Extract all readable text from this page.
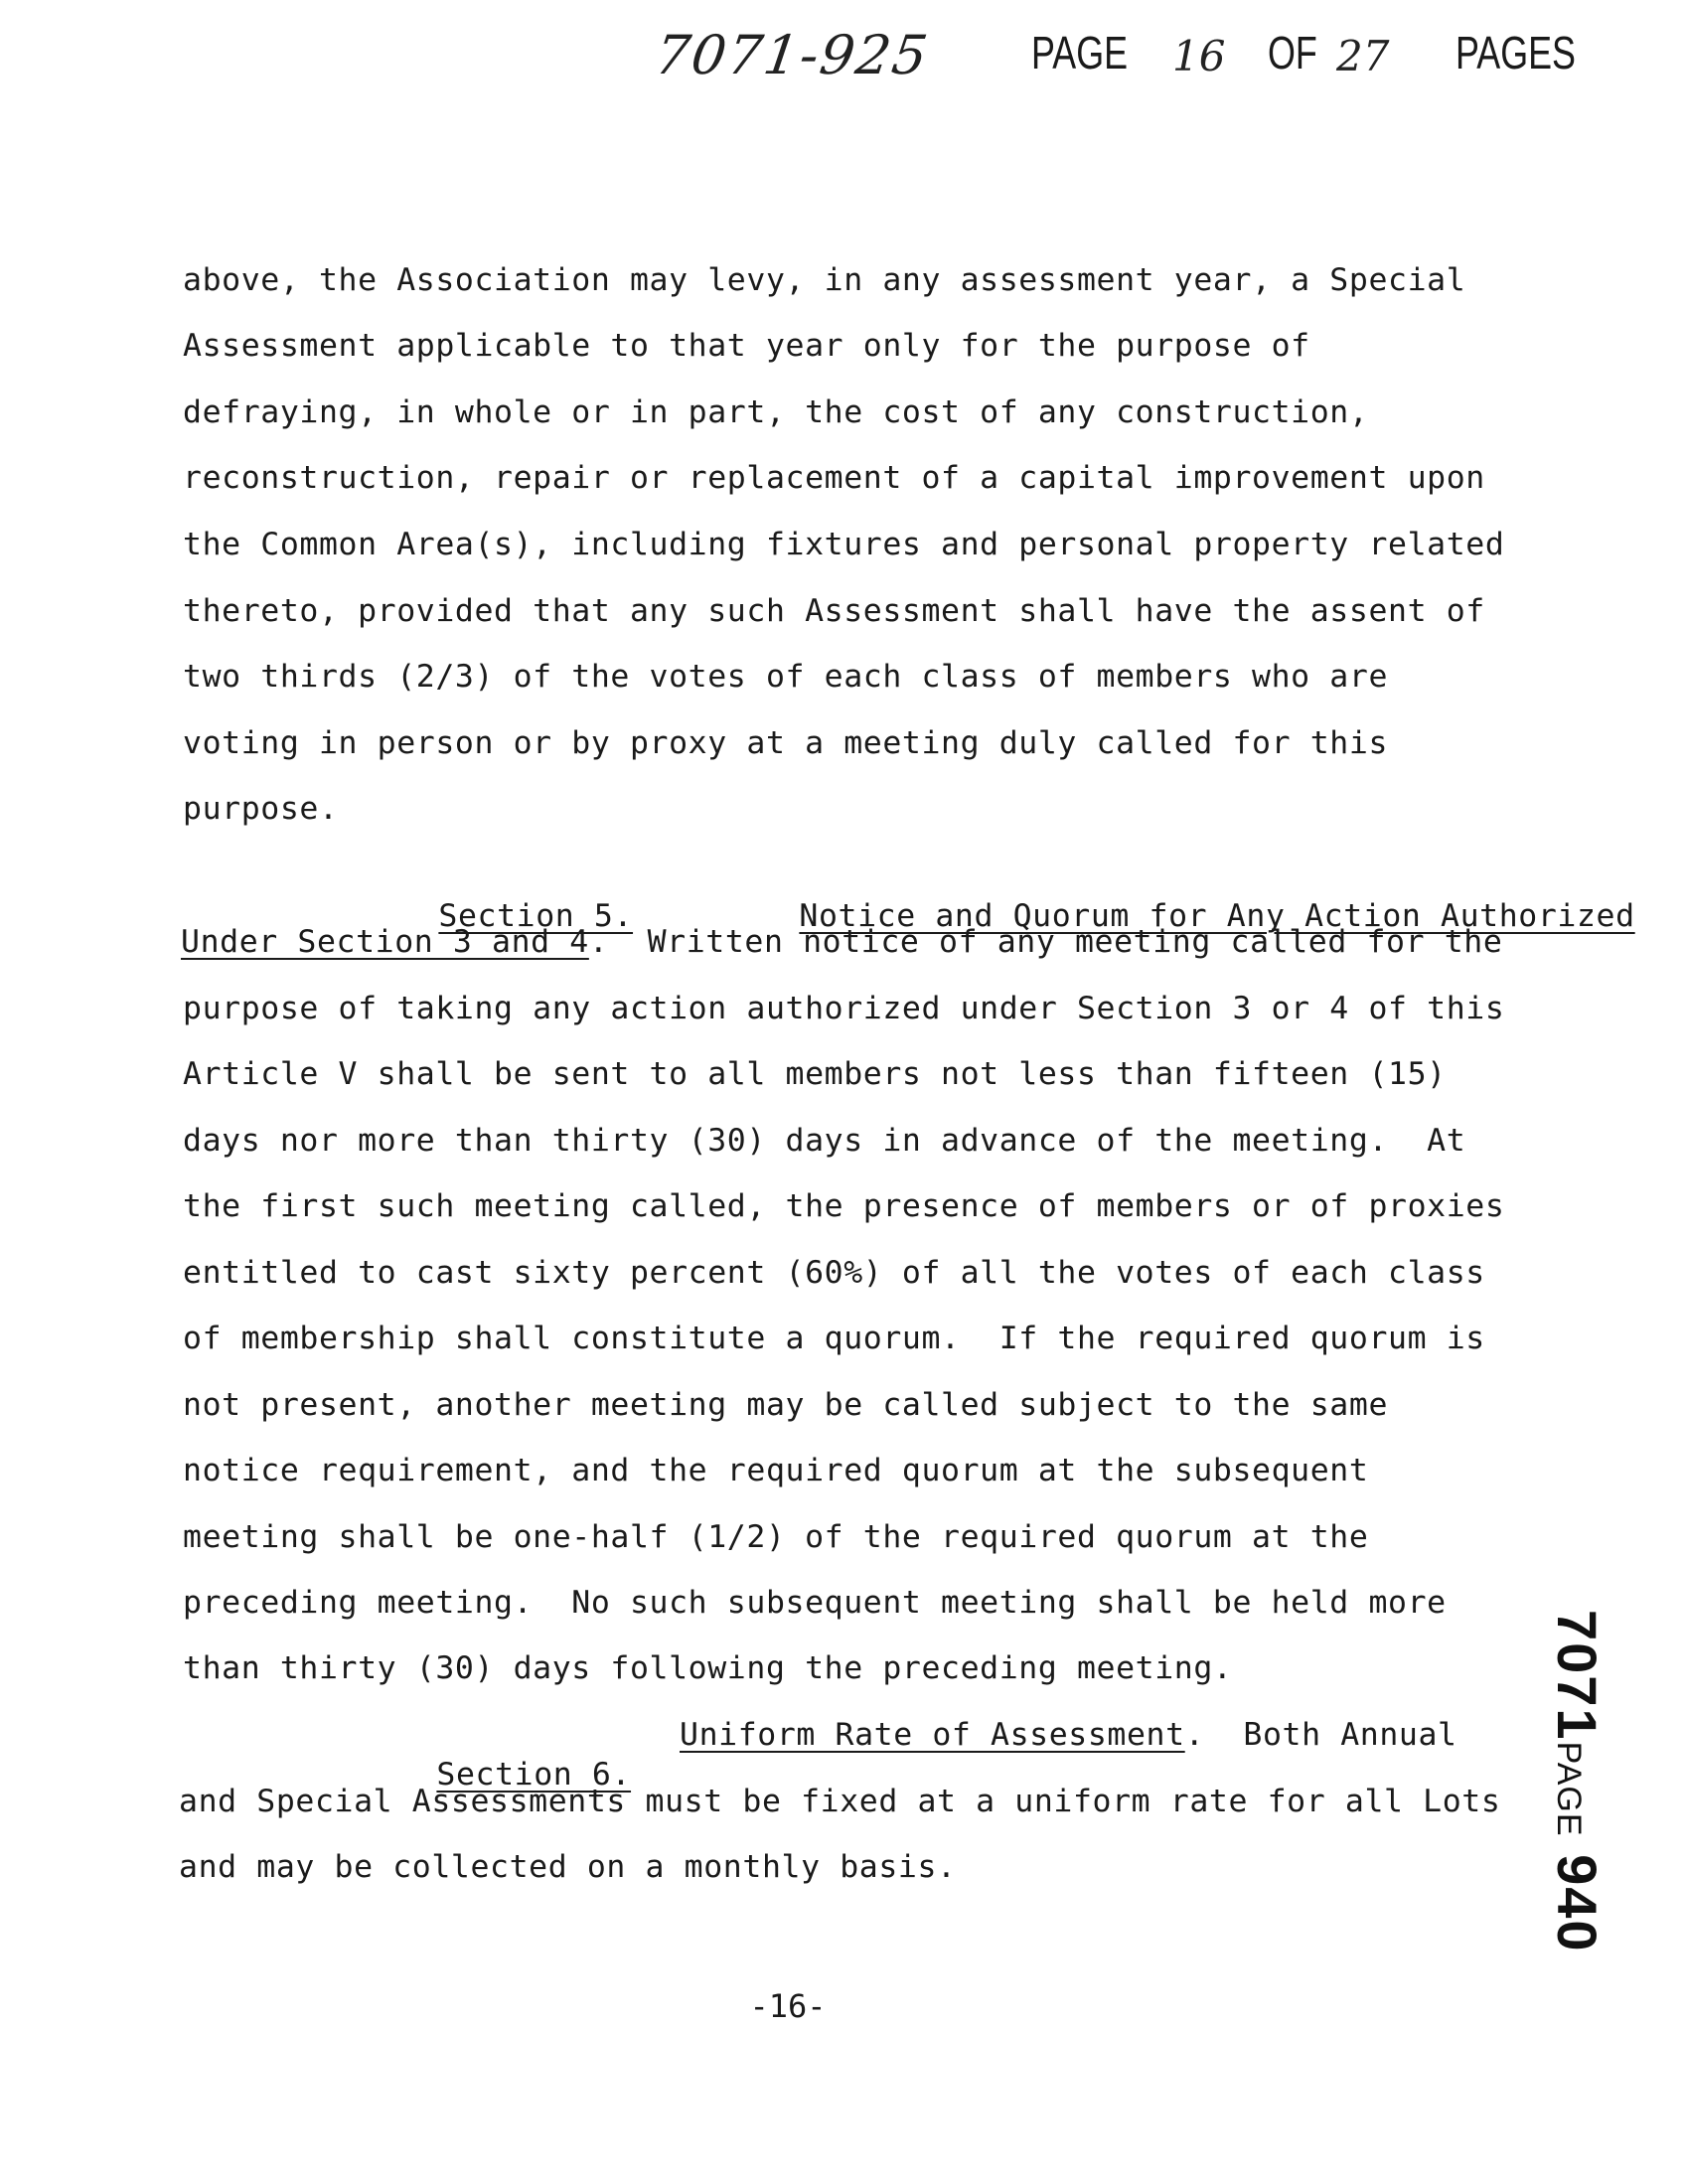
7071-925 PAGE 16 OF 27 PAGES
above, the Association may levy, in any assessment year, a Special
Assessment applicable to that year only for the purpose of
defraying, in whole or in part, the cost of any construction,
reconstruction, repair or replacement of a capital improvement upon
the Common Area(s), including fixtures and personal property related
thereto, provided that any such Assessment shall have the assent of
two thirds (2/3) of the votes of each class of members who are
voting in person or by proxy at a meeting duly called for this
purpose.

Section 5.
	Notice and Quorum for Any Action Authorized

Under Section 3 and 4.  Written notice of any meeting called for the
purpose of taking any action authorized under Section 3 or 4 of this
Article V shall be sent to all members not less than fifteen (15)
days nor more than thirty (30) days in advance of the meeting.  At
the first such meeting called, the presence of members or of proxies
entitled to cast sixty percent (60%) of all the votes of each class
of membership shall constitute a quorum.  If the required quorum is
not present, another meeting may be called subject to the same
notice requirement, and the required quorum at the subsequent
meeting shall be one-half (1/2) of the required quorum at the
preceding meeting.  No such subsequent meeting shall be held more
than thirty (30) days following the preceding meeting.

Section 6.

Uniform Rate of Assessment.  Both Annual
and Special Assessments must be fixed at a uniform rate for all Lots
and may be collected on a monthly basis.
-16-
7071PAGE 940
